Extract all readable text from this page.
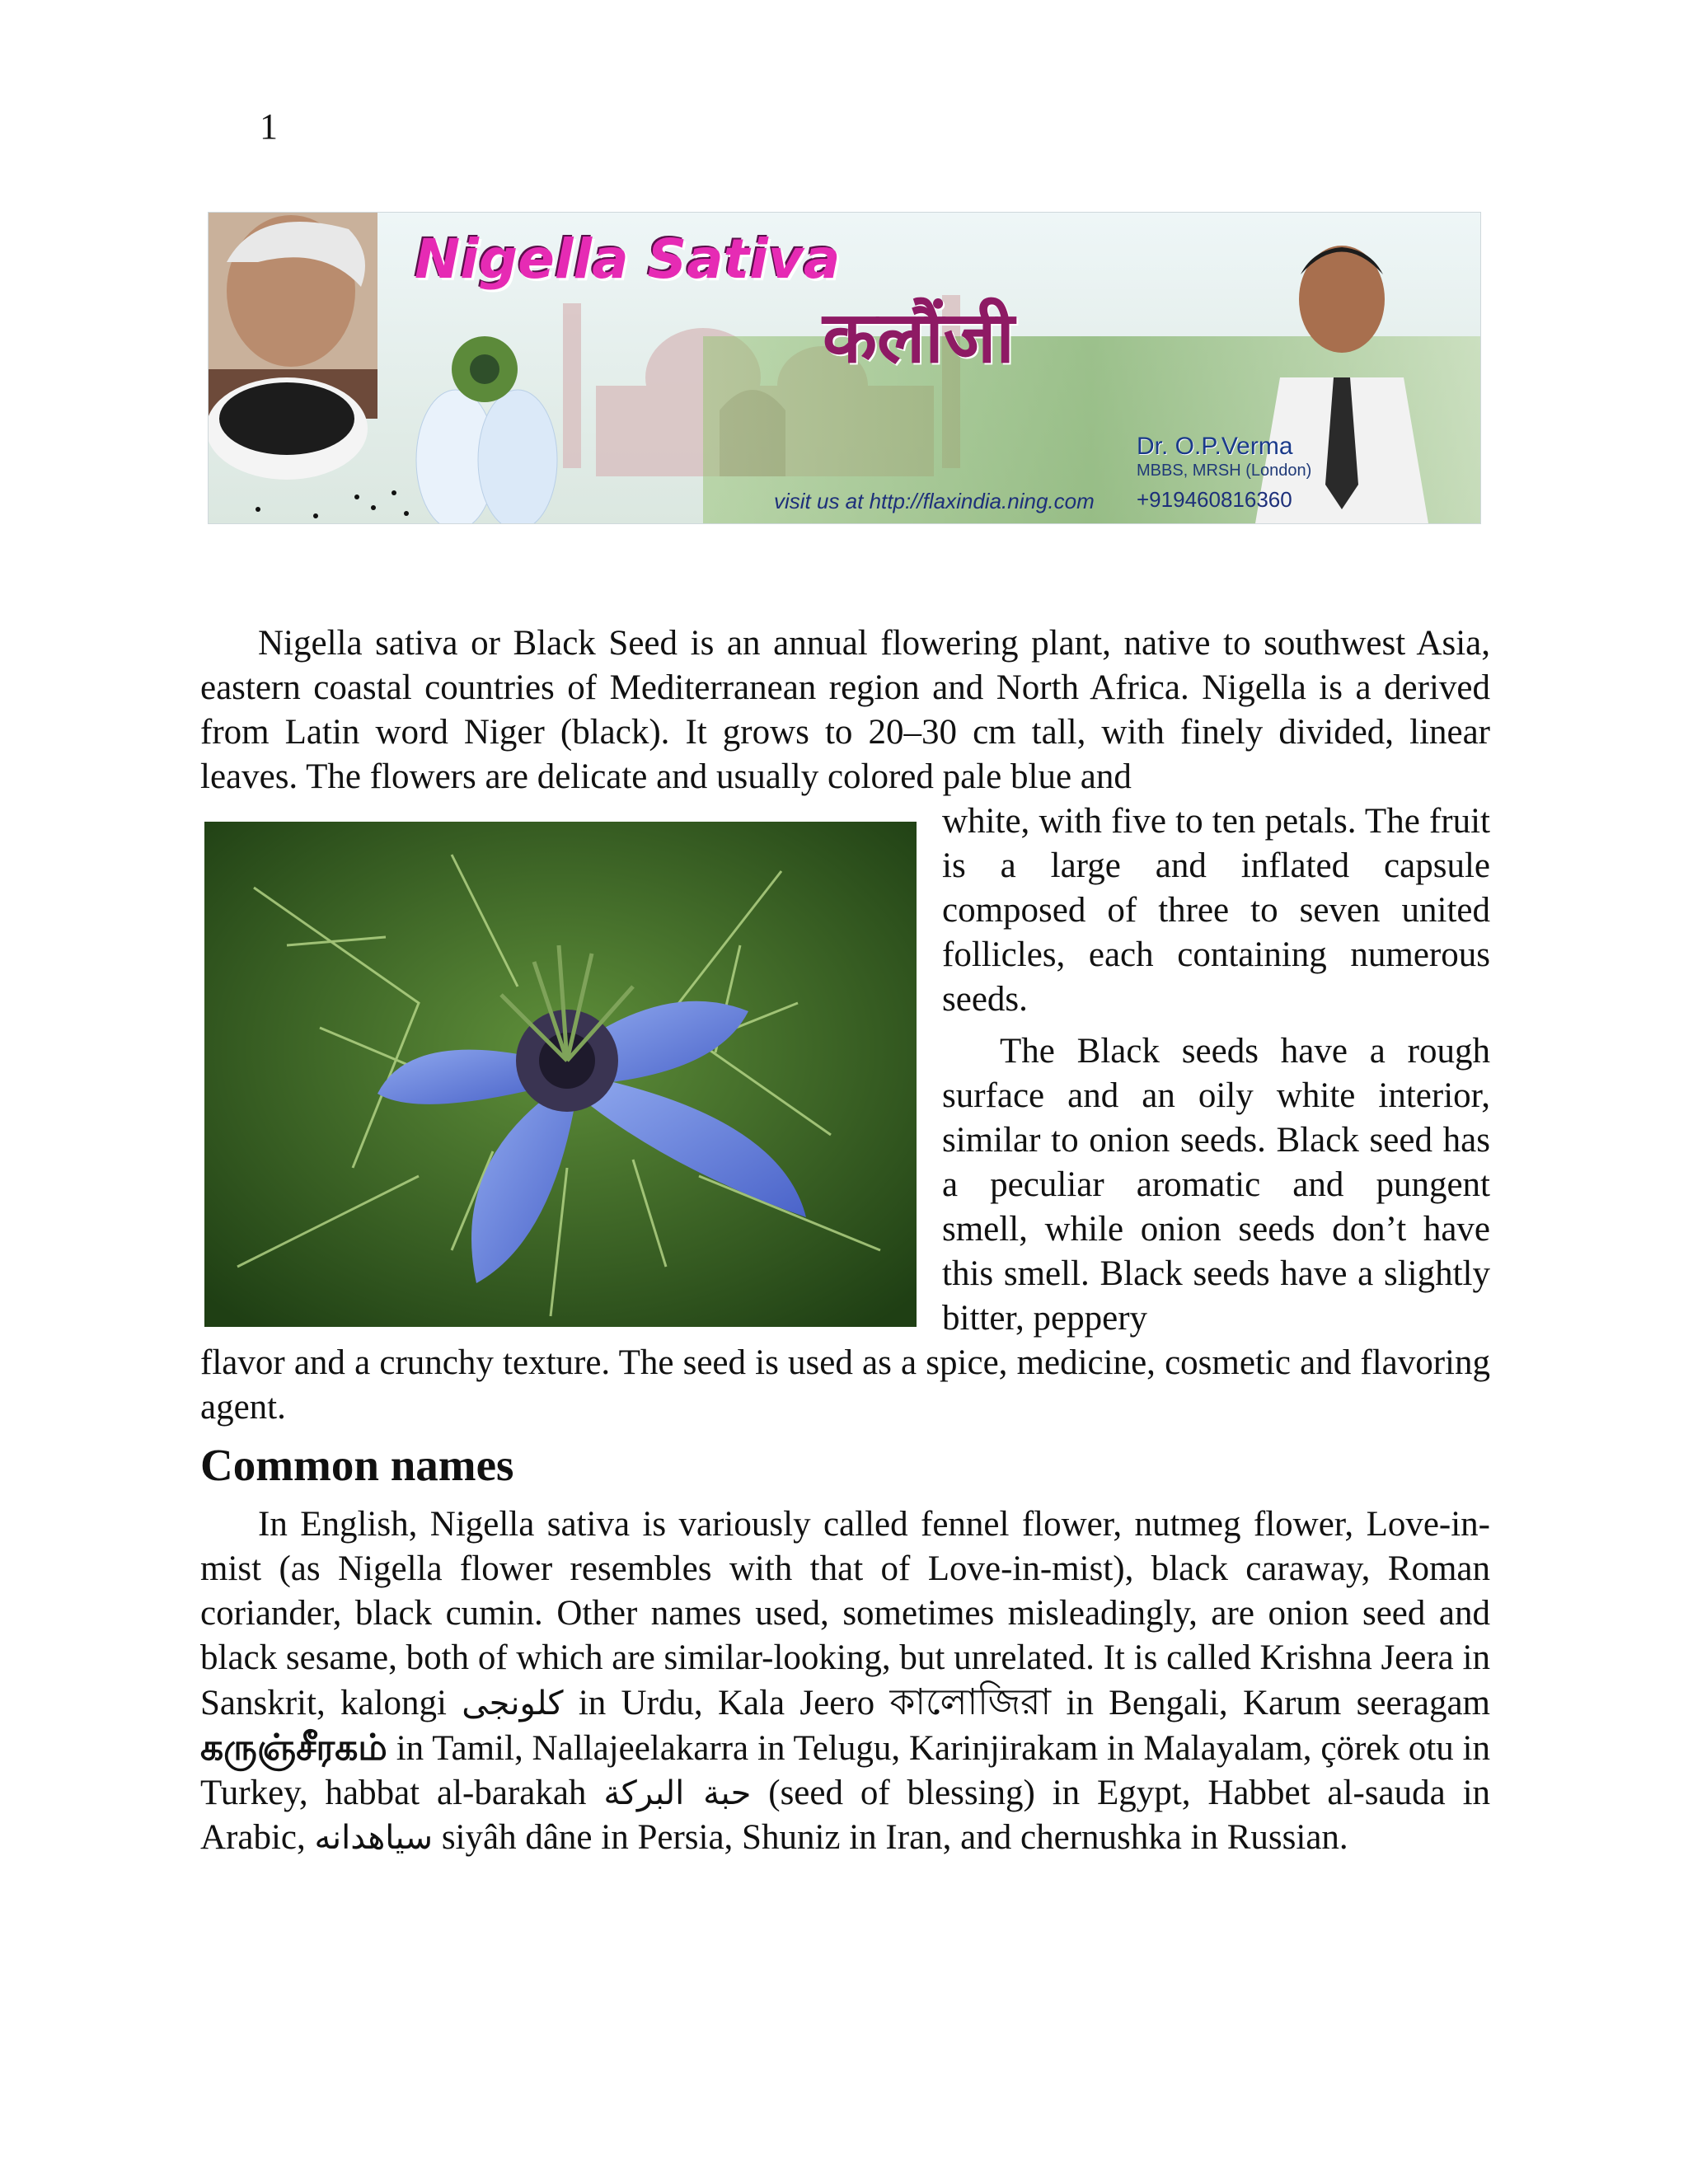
1
Nigella Sativa
कलौंजी
Dr. O.P.Verma
MBBS, MRSH (London)
visit us at http://flaxindia.ning.com +919460816360

Nigella sativa or Black Seed is an annual flowering plant, native to southwest Asia, eastern coastal countries of Mediterranean region and North Africa. Nigella is a derived from Latin word Niger (black). It grows to 20–30 cm tall, with finely divided, linear leaves. The flowers are delicate and usually colored pale blue and

white, with five to ten petals. The fruit is a large and inflated capsule composed of three to seven united follicles, each containing numerous seeds.

The Black seeds have a rough surface and an oily white interior, similar to onion seeds. Black seed has a peculiar aromatic and pungent smell, while onion seeds don’t have this smell. Black seeds have a slightly bitter, peppery

flavor and a crunchy texture. The seed is used as a spice, medicine, cosmetic and flavoring agent.

Common names

In English, Nigella sativa is variously called fennel flower, nutmeg flower, Love-in-mist (as Nigella flower resembles with that of Love-in-mist), black caraway, Roman coriander, black cumin. Other names used, sometimes misleadingly, are onion seed and black sesame, both of which are similar-looking, but unrelated. It is called Krishna Jeera in Sanskrit, kalongi کلونجی in Urdu, Kala Jeero কালোজিরা in Bengali, Karum seeragam கருஞ்சீரகம் in Tamil, Nallajeelakarra in Telugu, Karinjirakam in Malayalam, çörek otu in Turkey, habbat al-barakah حبة البركة (seed of blessing) in Egypt, Habbet al-sauda in Arabic, سیاهدانه siyâh dâne in Persia, Shuniz in Iran, and chernushka in Russian.
